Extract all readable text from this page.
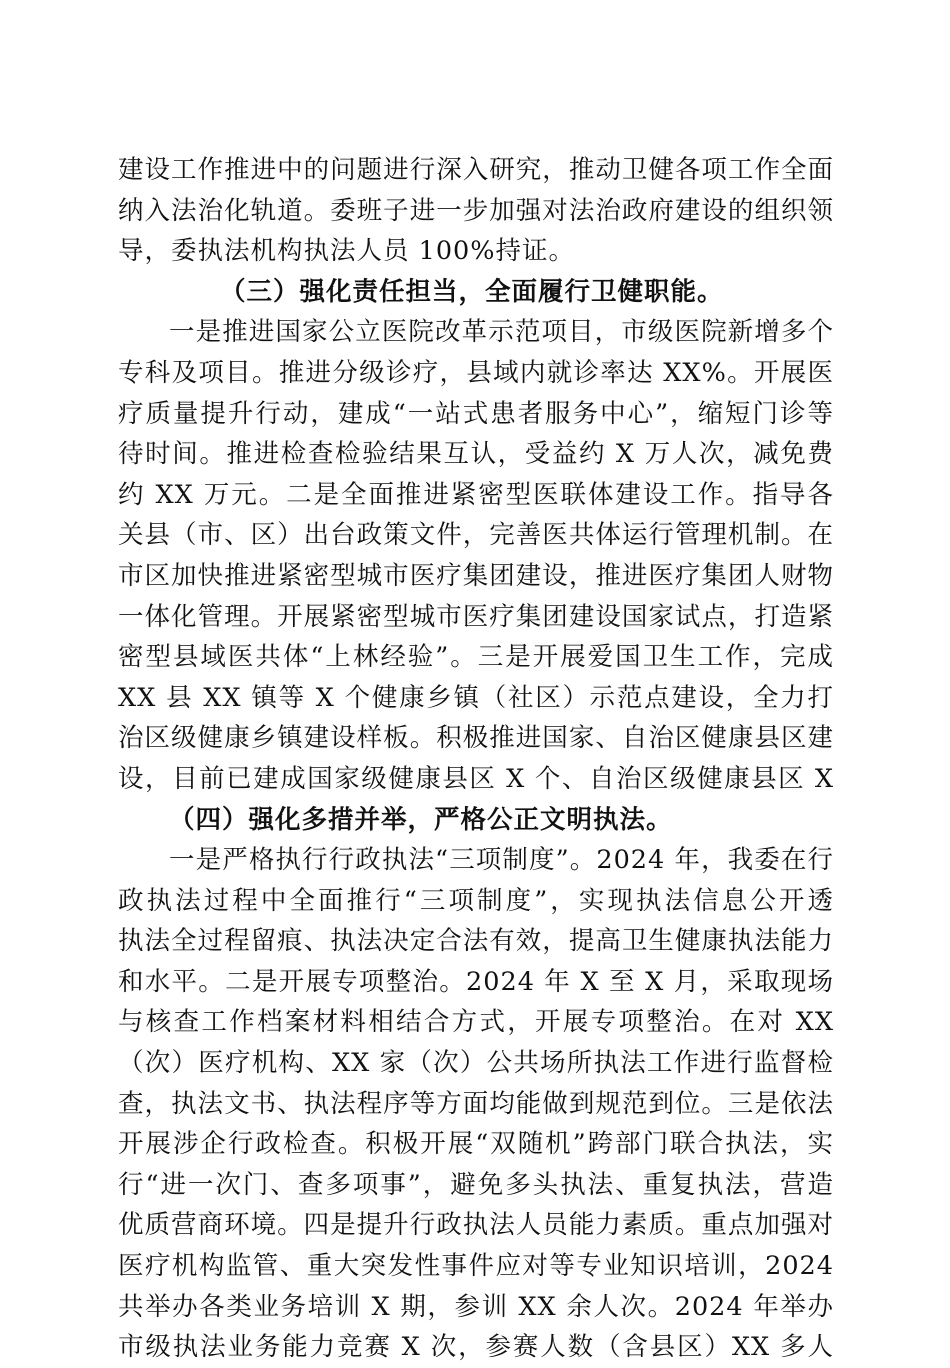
建设工作推进中的问题进行深入研究，推动卫健各项工作全面
纳入法治化轨道。委班子进一步加强对法治政府建设的组织领
导，委执法机构执法人员 100%持证。
（三）强化责任担当，全面履行卫健职能。
一是推进国家公立医院改革示范项目，市级医院新增多个
专科及项目。推进分级诊疗，县域内就诊率达 XX%。开展医
疗质量提升行动，建成“一站式患者服务中心”，缩短门诊等
待时间。推进检查检验结果互认，受益约 X 万人次，减免费
约 XX 万元。二是全面推进紧密型医联体建设工作。指导各
关县（市、区）出台政策文件，完善医共体运行管理机制。在
市区加快推进紧密型城市医疗集团建设，推进医疗集团人财物
一体化管理。开展紧密型城市医疗集团建设国家试点，打造紧
密型县域医共体“上林经验”。三是开展爱国卫生工作，完成
XX 县 XX 镇等 X 个健康乡镇（社区）示范点建设，全力打
治区级健康乡镇建设样板。积极推进国家、自治区健康县区建
设，目前已建成国家级健康县区 X 个、自治区级健康县区 X
（四）强化多措并举，严格公正文明执法。
一是严格执行行政执法“三项制度”。2024 年，我委在行
政执法过程中全面推行“三项制度”，实现执法信息公开透
执法全过程留痕、执法决定合法有效，提高卫生健康执法能力
和水平。二是开展专项整治。2024 年 X 至 X 月，采取现场
与核查工作档案材料相结合方式，开展专项整治。在对 XX
（次）医疗机构、XX 家（次）公共场所执法工作进行监督检
查，执法文书、执法程序等方面均能做到规范到位。三是依法
开展涉企行政检查。积极开展“双随机”跨部门联合执法，实
行“进一次门、查多项事”，避免多头执法、重复执法，营造
优质营商环境。四是提升行政执法人员能力素质。重点加强对
医疗机构监管、重大突发性事件应对等专业知识培训，2024
共举办各类业务培训 X 期，参训 XX 余人次。2024 年举办
市级执法业务能力竞赛 X 次，参赛人数（含县区）XX 多人
